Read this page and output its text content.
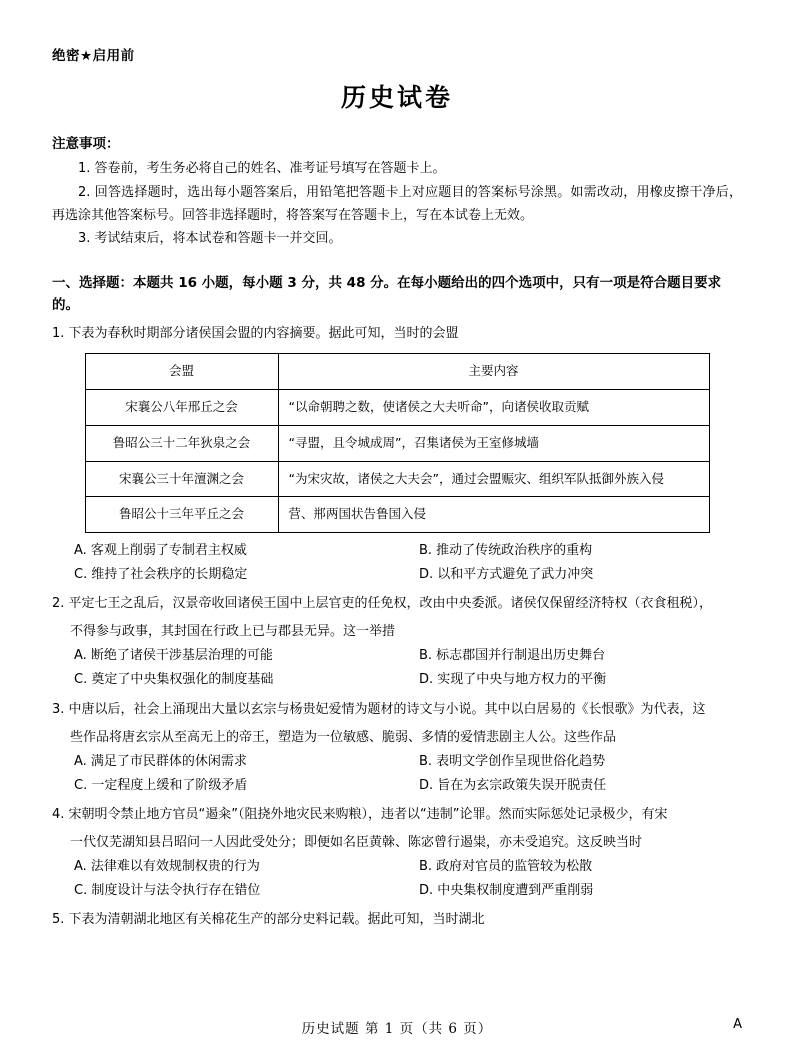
绝密★启用前
历史试卷
注意事项：
1. 答卷前，考生务必将自己的姓名、准考证号填写在答题卡上。
2. 回答选择题时，选出每小题答案后，用铅笔把答题卡上对应题目的答案标号涂黑。如需改动，用橡皮擦干净后，再选涂其他答案标号。回答非选择题时，将答案写在答题卡上，写在本试卷上无效。
3. 考试结束后，将本试卷和答题卡一并交回。
一、选择题：本题共 16 小题，每小题 3 分，共 48 分。在每小题给出的四个选项中，只有一项是符合题目要求的。
1. 下表为春秋时期部分诸侯国会盟的内容摘要。据此可知，当时的会盟
会盟	主要内容
宋襄公八年邢丘之会	“以命朝聘之数，使诸侯之大夫听命”，向诸侯收取贡赋
鲁昭公三十二年狄泉之会	“寻盟，且令城成周”，召集诸侯为王室修城墙
宋襄公三十年澶渊之会	“为宋灾故，诸侯之大夫会”，通过会盟赈灾、组织军队抵御外族入侵
鲁昭公十三年平丘之会	营、郱两国状告鲁国入侵
A. 客观上削弱了专制君主权威	B. 推动了传统政治秩序的重构
C. 维持了社会秩序的长期稳定	D. 以和平方式避免了武力冲突
2. 平定七王之乱后，汉景帝收回诸侯王国中上层官吏的任免权，改由中央委派。诸侯仅保留经济特权（衣食租税），
不得参与政事，其封国在行政上已与郡县无异。这一举措
A. 断绝了诸侯干涉基层治理的可能	B. 标志郡国并行制退出历史舞台
C. 奠定了中央集权强化的制度基础	D. 实现了中央与地方权力的平衡
3. 中唐以后，社会上涌现出大量以玄宗与杨贵妃爱情为题材的诗文与小说。其中以白居易的《长恨歌》为代表，这
些作品将唐玄宗从至高无上的帝王，塑造为一位敏感、脆弱、多情的爱情悲剧主人公。这些作品
A. 满足了市民群体的休闲需求	B. 表明文学创作呈现世俗化趋势
C. 一定程度上缓和了阶级矛盾	D. 旨在为玄宗政策失误开脱责任
4. 宋朝明令禁止地方官员“遏籴”（阻挠外地灾民来购粮），违者以“违制”论罪。然而实际惩处记录极少，有宋
一代仅芜湖知县吕昭问一人因此受处分；即便如名臣黄榦、陈宓曾行遏粜，亦未受追究。这反映当时
A. 法律难以有效规制权贵的行为	B. 政府对官员的监管较为松散
C. 制度设计与法令执行存在错位	D. 中央集权制度遭到严重削弱
5. 下表为清朝湖北地区有关棉花生产的部分史料记载。据此可知，当时湖北
历史试题 第 1 页（共 6 页）	A
